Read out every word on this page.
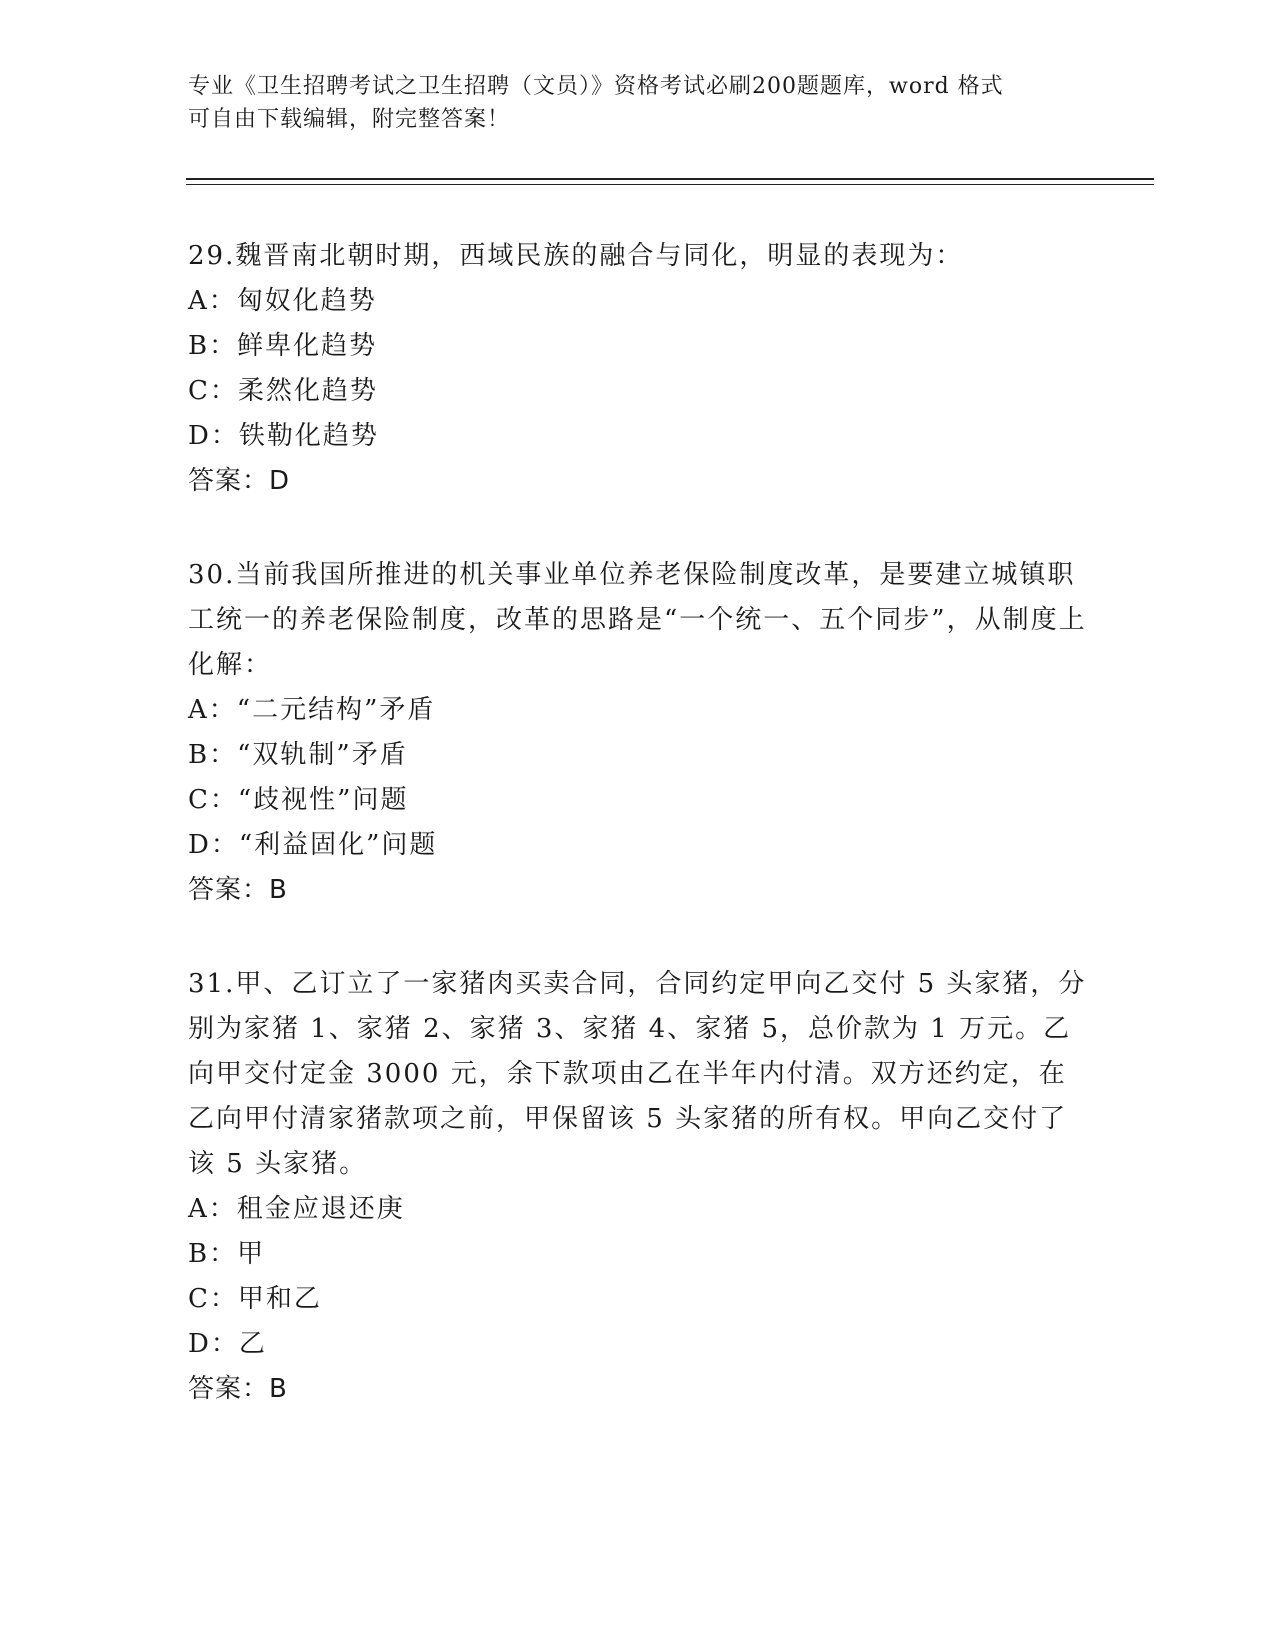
专业《卫生招聘考试之卫生招聘（文员）》资格考试必刷200题题库，word 格式
可自由下载编辑，附完整答案！
29.魏晋南北朝时期，西域民族的融合与同化，明显的表现为：
A：匈奴化趋势
B：鲜卑化趋势
C：柔然化趋势
D：铁勒化趋势
答案：D
30.当前我国所推进的机关事业单位养老保险制度改革，是要建立城镇职工统一的养老保险制度，改革的思路是“一个统一、五个同步”，从制度上化解：
A：“二元结构”矛盾
B：“双轨制”矛盾
C：“歧视性”问题
D：“利益固化”问题
答案：B
31.甲、乙订立了一家猪肉买卖合同，合同约定甲向乙交付 5 头家猪，分别为家猪 1、家猪 2、家猪 3、家猪 4、家猪 5，总价款为 1 万元。乙向甲交付定金 3000 元，余下款项由乙在半年内付清。双方还约定，在乙向甲付清家猪款项之前，甲保留该 5 头家猪的所有权。甲向乙交付了该 5 头家猪。
A：租金应退还庚
B：甲
C：甲和乙
D：乙
答案：B
